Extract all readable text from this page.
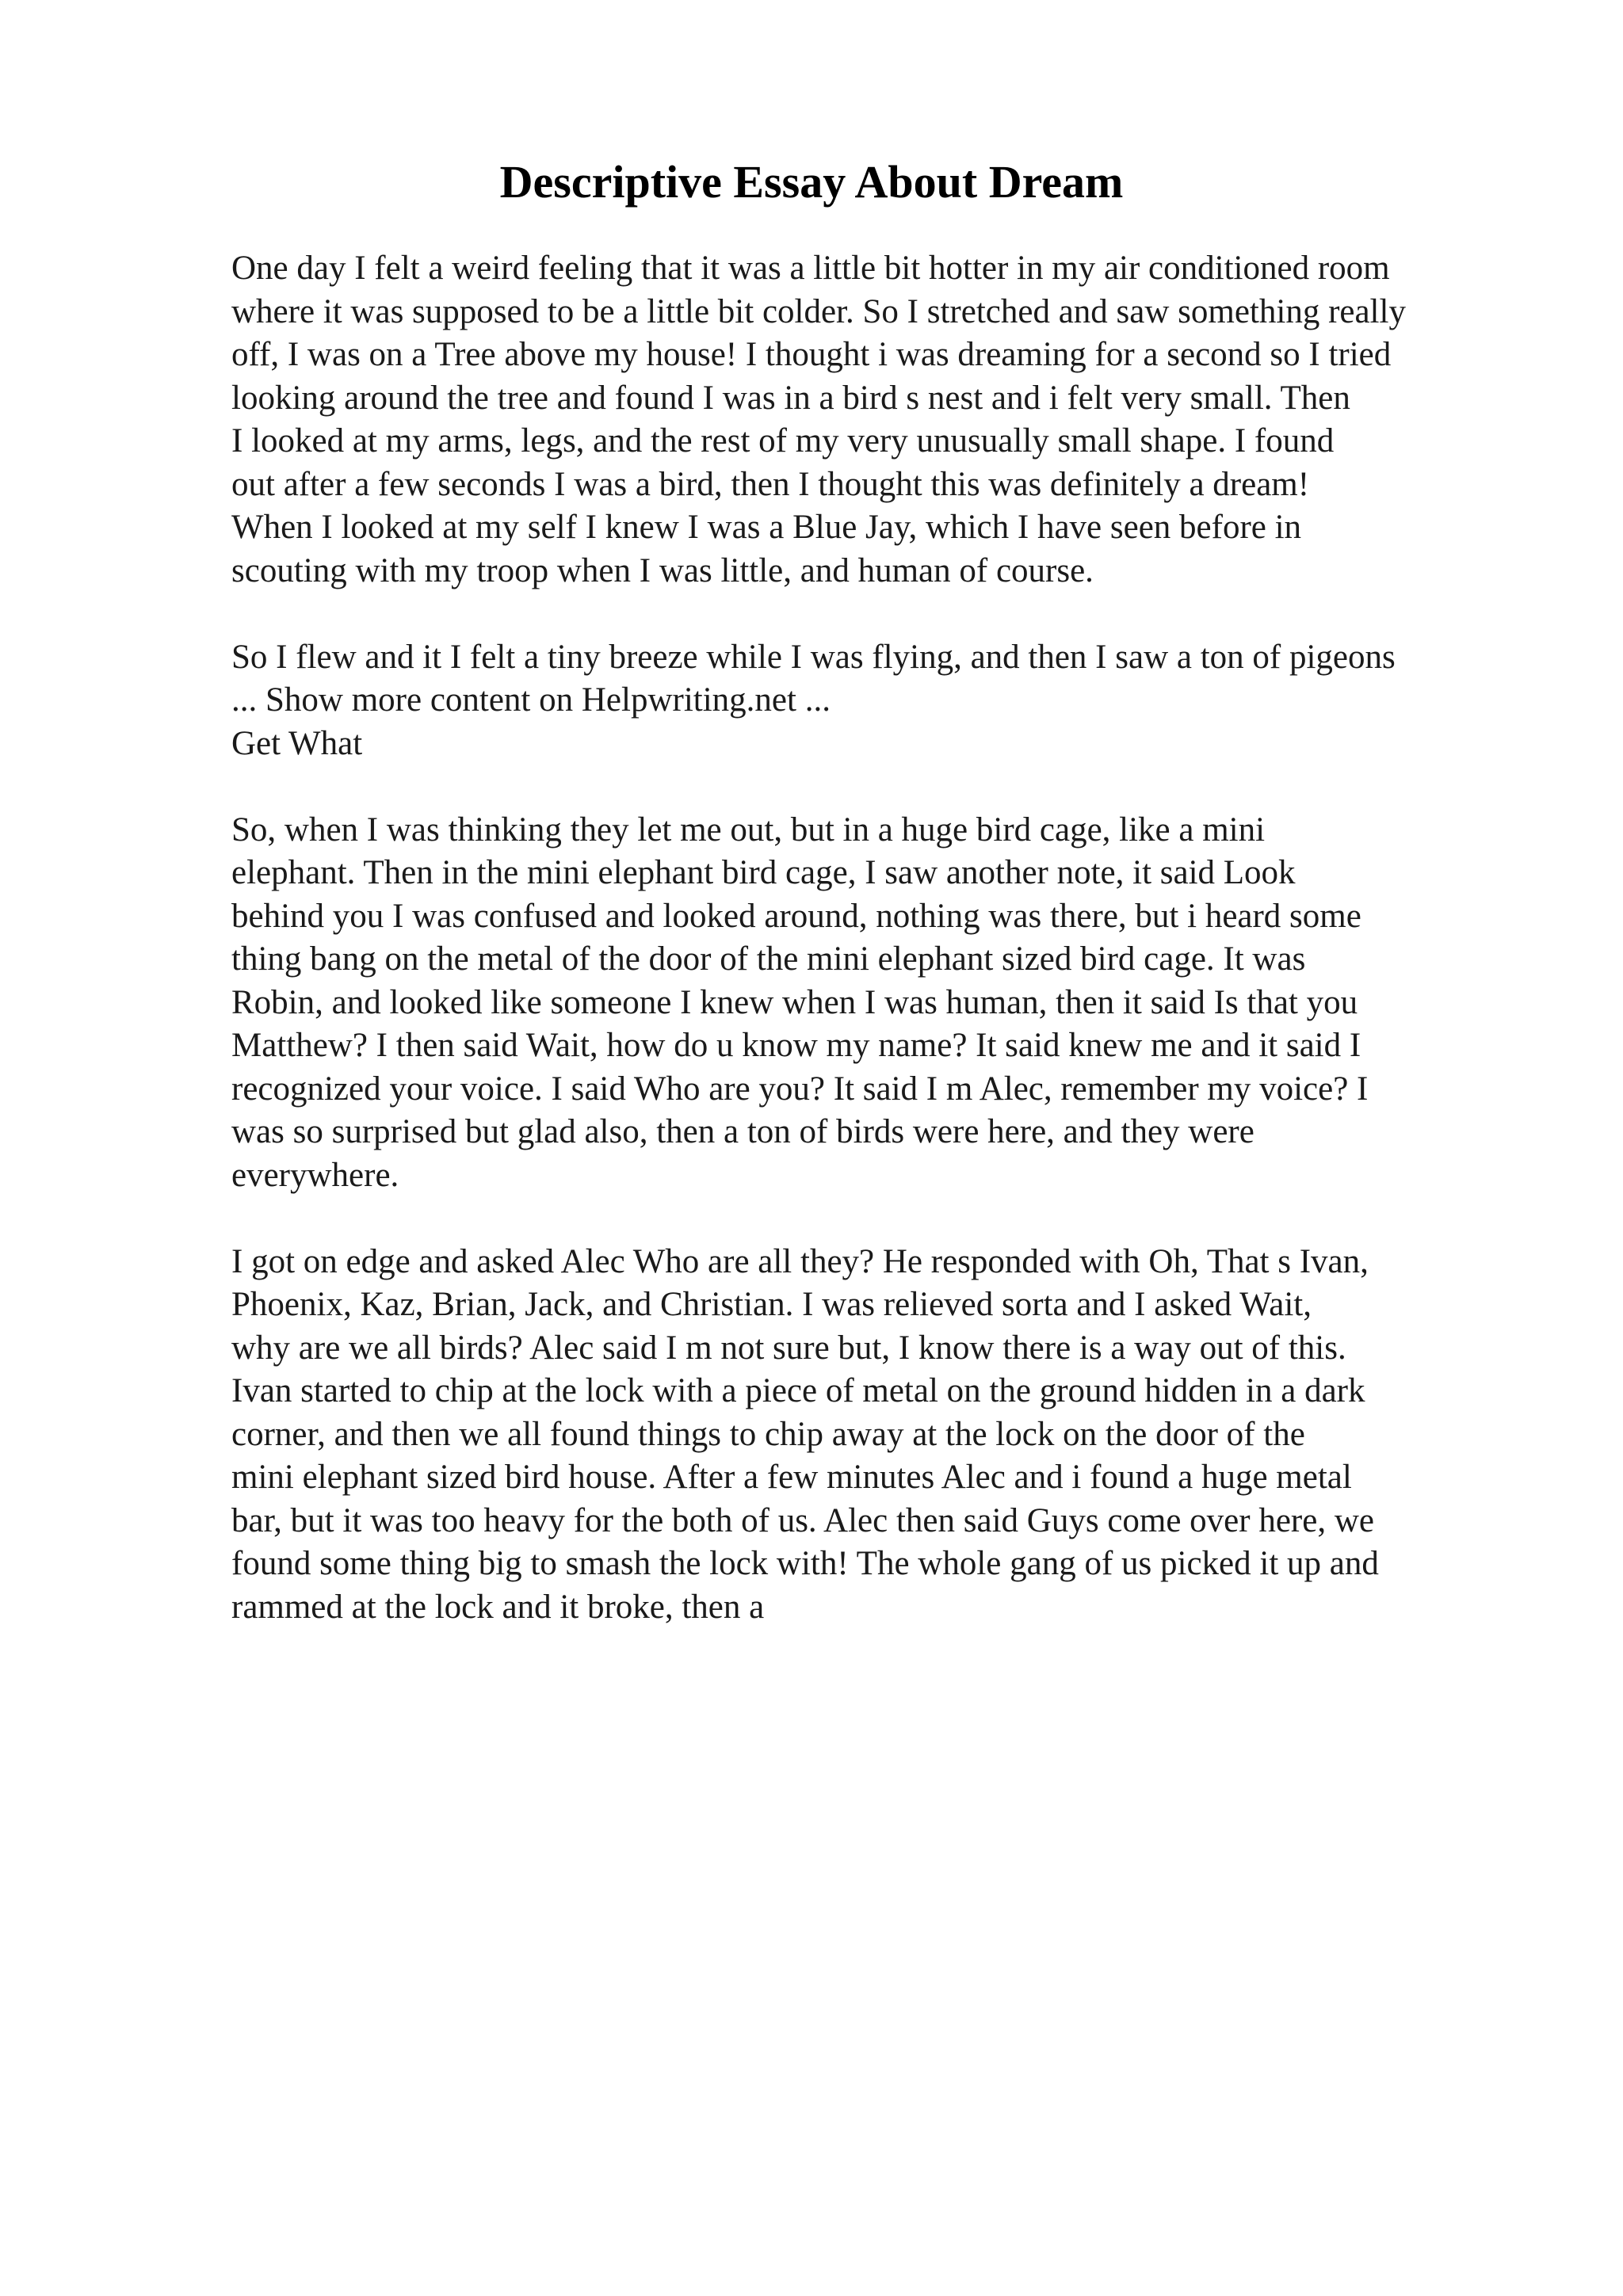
Descriptive Essay About Dream
One day I felt a weird feeling that it was a little bit hotter in my air conditioned room
where it was supposed to be a little bit colder. So I stretched and saw something really
off, I was on a Tree above my house! I thought i was dreaming for a second so I tried
looking around the tree and found I was in a bird s nest and i felt very small. Then
I looked at my arms, legs, and the rest of my very unusually small shape. I found
out after a few seconds I was a bird, then I thought this was definitely a dream!
When I looked at my self I knew I was a Blue Jay, which I have seen before in
scouting with my troop when I was little, and human of course.
So I flew and it I felt a tiny breeze while I was flying, and then I saw a ton of pigeons
... Show more content on Helpwriting.net ...
Get What
So, when I was thinking they let me out, but in a huge bird cage, like a mini
elephant. Then in the mini elephant bird cage, I saw another note, it said Look
behind you I was confused and looked around, nothing was there, but i heard some
thing bang on the metal of the door of the mini elephant sized bird cage. It was
Robin, and looked like someone I knew when I was human, then it said Is that you
Matthew? I then said Wait, how do u know my name? It said knew me and it said I
recognized your voice. I said Who are you? It said I m Alec, remember my voice? I
was so surprised but glad also, then a ton of birds were here, and they were
everywhere.
I got on edge and asked Alec Who are all they? He responded with Oh, That s Ivan,
Phoenix, Kaz, Brian, Jack, and Christian. I was relieved sorta and I asked Wait,
why are we all birds? Alec said I m not sure but, I know there is a way out of this.
Ivan started to chip at the lock with a piece of metal on the ground hidden in a dark
corner, and then we all found things to chip away at the lock on the door of the
mini elephant sized bird house. After a few minutes Alec and i found a huge metal
bar, but it was too heavy for the both of us. Alec then said Guys come over here, we
found some thing big to smash the lock with! The whole gang of us picked it up and
rammed at the lock and it broke, then a
